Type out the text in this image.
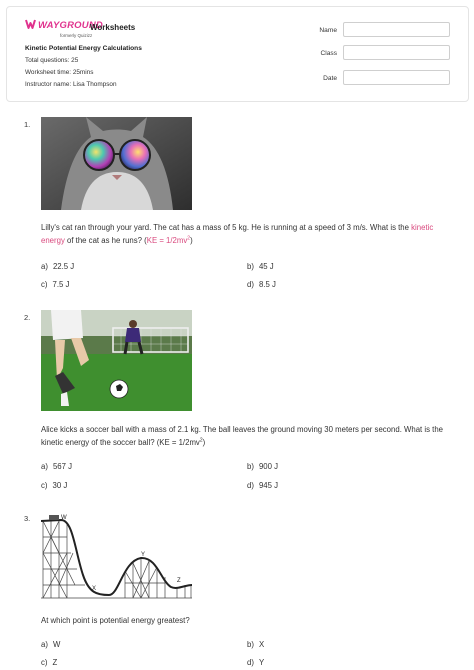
WAYGROUND
formerly Quizizz
Worksheets
Kinetic Potential Energy Calculations
Total questions: 25
Worksheet time: 25mins
Instructor name: Lisa Thompson
Name
Class
Date
1.
Lilly's cat ran through your yard. The cat has a mass of 5 kg. He is running at a speed of 3 m/s. What is the kinetic energy of the cat as he runs? $(KE = 1/2mv^2)$
a) 22.5 J	b) 45 J
c) 7.5 J	d) 8.5 J
2.
Alice kicks a soccer ball with a mass of 2.1 kg. The ball leaves the ground moving 30 meters per second. What is the kinetic energy of the soccer ball? $(KE = 1/2mv^2)$
a) 567 J	b) 900 J
c) 30 J	d) 945 J
3.	W
X
Y
Z
At which point is potential energy greatest?
a) W	b) X
c) Z	d) Y
